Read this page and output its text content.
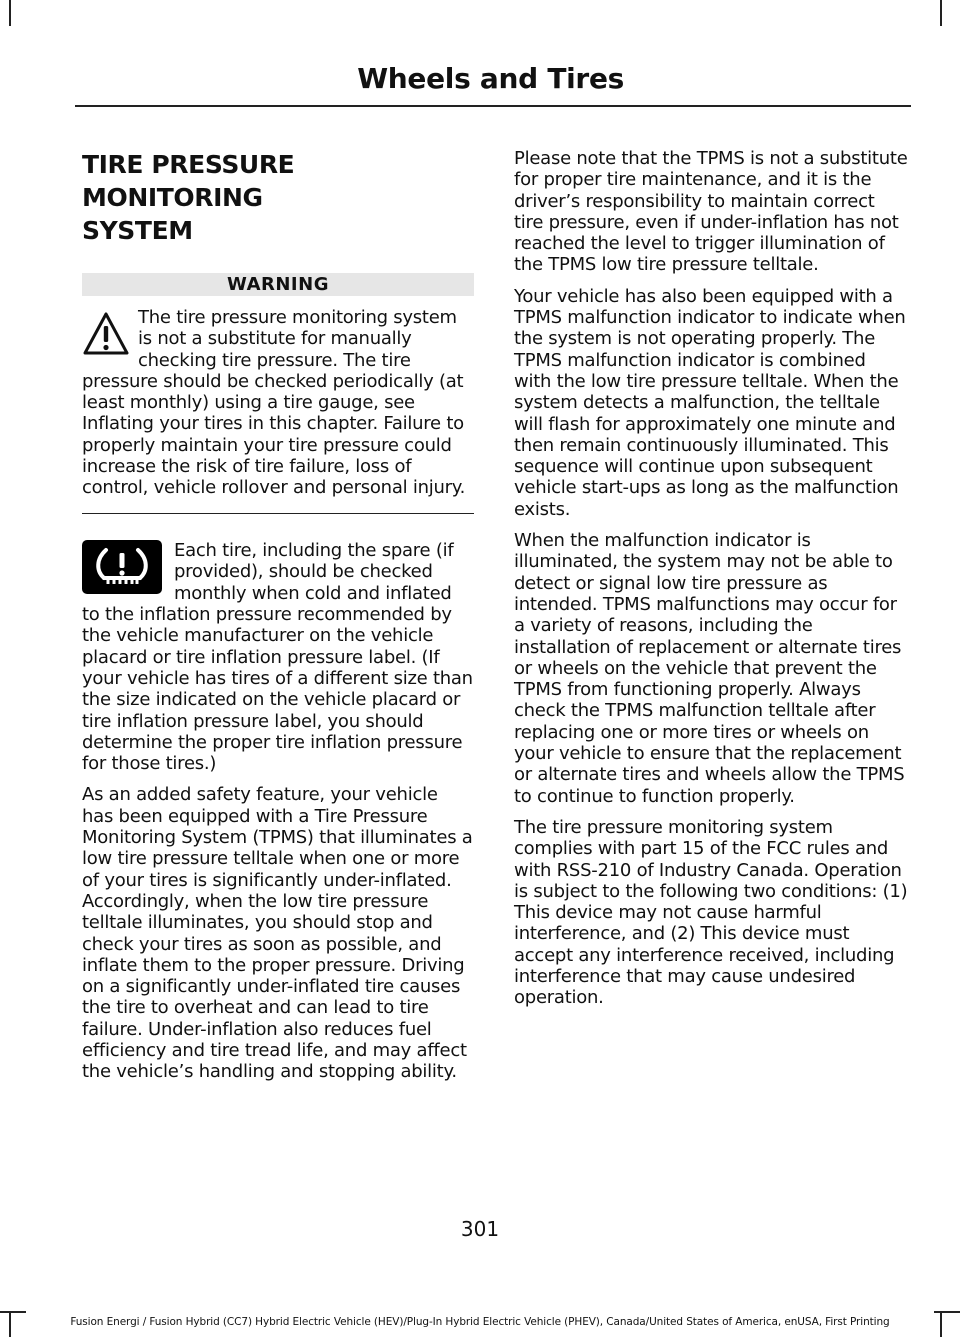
Wheels and Tires
TIRE PRESSURE MONITORING
SYSTEM
WARNING

The tire pressure monitoring system is not a substitute for manually checking tire pressure. The tire pressure should be checked periodically (at least monthly) using a tire gauge, see Inflating your tires in this chapter. Failure to properly maintain your tire pressure could increase the risk of tire failure, loss of control, vehicle rollover and personal injury.

Each tire, including the spare (if provided), should be checked monthly when cold and inflated to the inflation pressure recommended by the vehicle manufacturer on the vehicle placard or tire inflation pressure label. (If your vehicle has tires of a different size than the size indicated on the vehicle placard or tire inflation pressure label, you should determine the proper tire inflation pressure for those tires.)

As an added safety feature, your vehicle has been equipped with a Tire Pressure Monitoring System (TPMS) that illuminates a low tire pressure telltale when one or more of your tires is significantly under-inflated. Accordingly, when the low tire pressure telltale illuminates, you should stop and check your tires as soon as possible, and inflate them to the proper pressure. Driving on a significantly under-inflated tire causes the tire to overheat and can lead to tire failure. Under-inflation also reduces fuel efficiency and tire tread life, and may affect the vehicle’s handling and stopping ability.

Please note that the TPMS is not a substitute for proper tire maintenance, and it is the driver’s responsibility to maintain correct tire pressure, even if under-inflation has not reached the level to trigger illumination of the TPMS low tire pressure telltale.

Your vehicle has also been equipped with a TPMS malfunction indicator to indicate when the system is not operating properly. The TPMS malfunction indicator is combined with the low tire pressure telltale. When the system detects a malfunction, the telltale will flash for approximately one minute and then remain continuously illuminated. This sequence will continue upon subsequent vehicle start-ups as long as the malfunction exists.

When the malfunction indicator is illuminated, the system may not be able to detect or signal low tire pressure as intended. TPMS malfunctions may occur for a variety of reasons, including the installation of replacement or alternate tires or wheels on the vehicle that prevent the TPMS from functioning properly. Always check the TPMS malfunction telltale after replacing one or more tires or wheels on your vehicle to ensure that the replacement or alternate tires and wheels allow the TPMS to continue to function properly.

The tire pressure monitoring system complies with part 15 of the FCC rules and with RSS-210 of Industry Canada. Operation is subject to the following two conditions: (1) This device may not cause harmful interference, and (2) This device must accept any interference received, including interference that may cause undesired operation.

301
Fusion Energi / Fusion Hybrid (CC7) Hybrid Electric Vehicle (HEV)/Plug-In Hybrid Electric Vehicle (PHEV), Canada/United States of America, enUSA, First Printing
